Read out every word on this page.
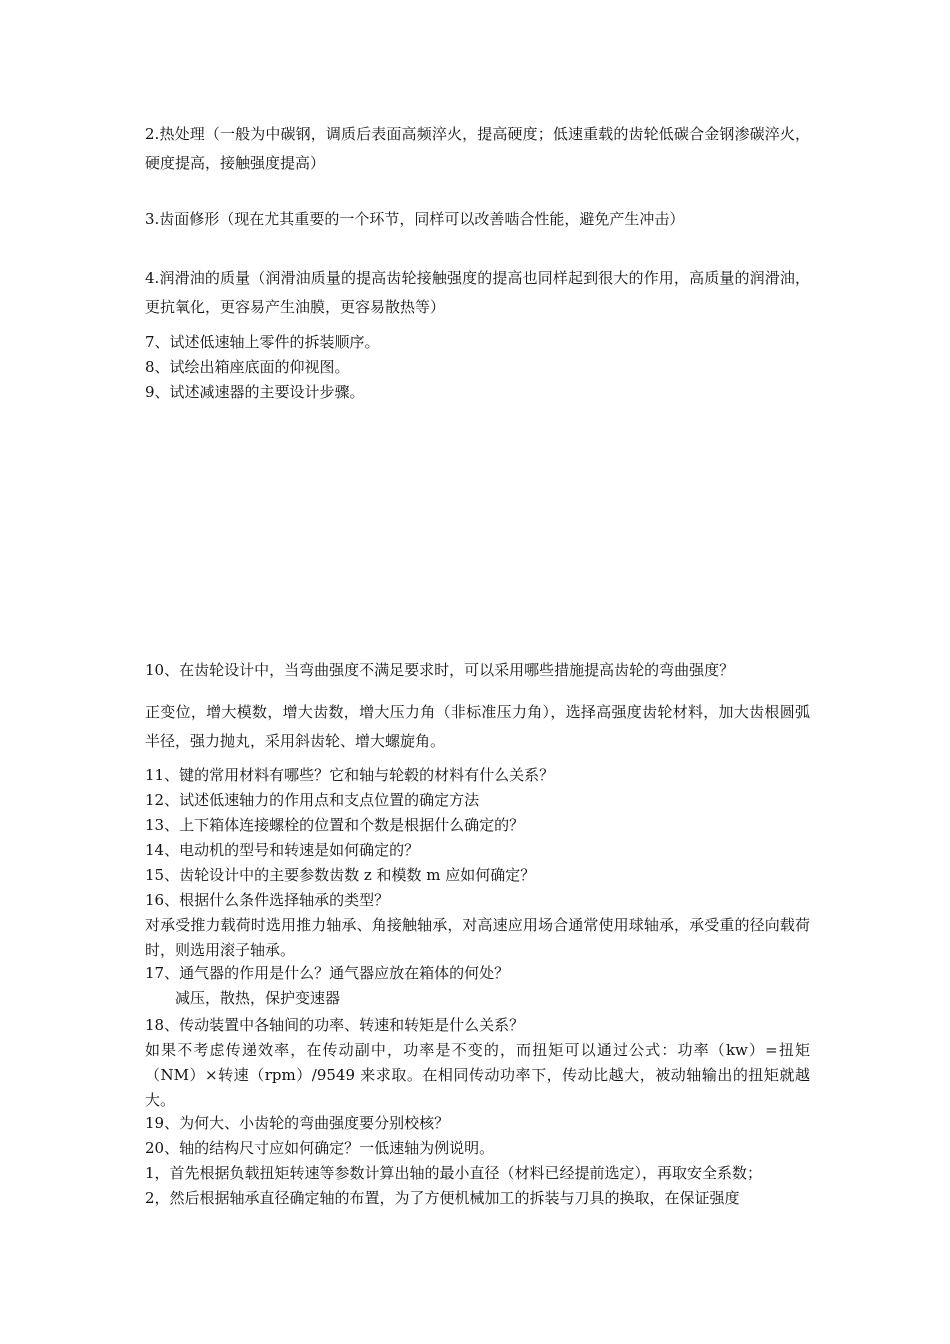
2.热处理（一般为中碳钢，调质后表面高频淬火，提高硬度；低速重载的齿轮低碳合金钢渗碳淬火，硬度提高，接触强度提高）

3.齿面修形（现在尤其重要的一个环节，同样可以改善啮合性能，避免产生冲击）

4.润滑油的质量（润滑油质量的提高齿轮接触强度的提高也同样起到很大的作用，高质量的润滑油，更抗氧化，更容易产生油膜，更容易散热等）

7、试述低速轴上零件的拆装顺序。

8、试绘出箱座底面的仰视图。

9、试述减速器的主要设计步骤。

10、在齿轮设计中，当弯曲强度不满足要求时，可以采用哪些措施提高齿轮的弯曲强度？

正变位，增大模数，增大齿数，增大压力角（非标准压力角），选择高强度齿轮材料，加大齿根圆弧半径，强力抛丸，采用斜齿轮、增大螺旋角。

11、键的常用材料有哪些？它和轴与轮毂的材料有什么关系？

12、试述低速轴力的作用点和支点位置的确定方法

13、上下箱体连接螺栓的位置和个数是根据什么确定的？

14、电动机的型号和转速是如何确定的？

15、齿轮设计中的主要参数齿数 z 和模数 m 应如何确定？

16、根据什么条件选择轴承的类型？

对承受推力载荷时选用推力轴承、角接触轴承，对高速应用场合通常使用球轴承，承受重的径向载荷时，则选用滚子轴承。

17、通气器的作用是什么？通气器应放在箱体的何处？

减压，散热，保护变速器

18、传动装置中各轴间的功率、转速和转矩是什么关系？

如果不考虑传递效率，在传动副中，功率是不变的，而扭矩可以通过公式：功率（kw）=扭矩（NM）×转速（rpm）/9549 来求取。在相同传动功率下，传动比越大，被动轴输出的扭矩就越大。

19、为何大、小齿轮的弯曲强度要分别校核？

20、轴的结构尺寸应如何确定？一低速轴为例说明。

1，首先根据负载扭矩转速等参数计算出轴的最小直径（材料已经提前选定），再取安全系数；

2，然后根据轴承直径确定轴的布置，为了方便机械加工的拆装与刀具的换取，在保证强度
